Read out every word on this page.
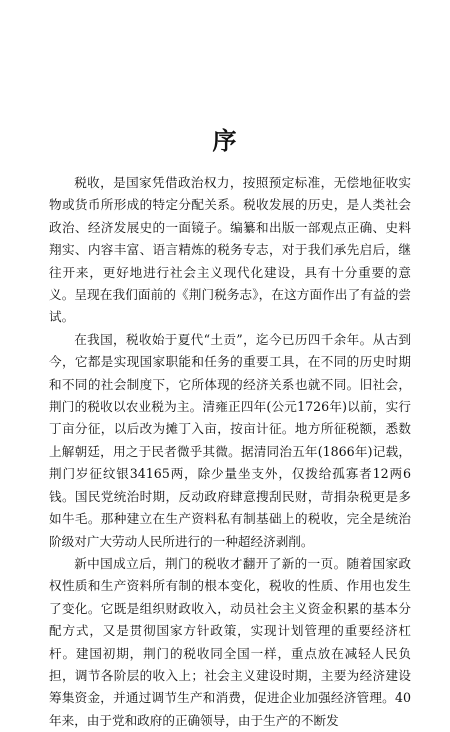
序

税收，是国家凭借政治权力，按照预定标准，无偿地征收实物或货币所形成的特定分配关系。税收发展的历史，是人类社会政治、经济发展史的一面镜子。编纂和出版一部观点正确、史料翔实、内容丰富、语言精炼的税务专志，对于我们承先启后，继往开来，更好地进行社会主义现代化建设，具有十分重要的意义。呈现在我们面前的《荆门税务志》，在这方面作出了有益的尝试。

在我国，税收始于夏代“土贡”，迄今已历四千余年。从古到今，它都是实现国家职能和任务的重要工具，在不同的历史时期和不同的社会制度下，它所体现的经济关系也就不同。旧社会，荆门的税收以农业税为主。清雍正四年(公元1726年)以前，实行丁亩分征，以后改为摊丁入亩，按亩计征。地方所征税额，悉数上解朝廷，用之于民者微乎其微。据清同治五年(1866年)记载，荆门岁征纹银34165两，除少量坐支外，仅拨给孤寡者12两6钱。国民党统治时期，反动政府肆意搜刮民财，苛捐杂税更是多如牛毛。那种建立在生产资料私有制基础上的税收，完全是统治阶级对广大劳动人民所进行的一种超经济剥削。

新中国成立后，荆门的税收才翻开了新的一页。随着国家政权性质和生产资料所有制的根本变化，税收的性质、作用也发生了变化。它既是组织财政收入，动员社会主义资金积累的基本分配方式，又是贯彻国家方针政策，实现计划管理的重要经济杠杆。建国初期，荆门的税收同全国一样，重点放在减轻人民负担，调节各阶层的收入上；社会主义建设时期，主要为经济建设筹集资金，并通过调节生产和消费，促进企业加强经济管理。40年来，由于党和政府的正确领导，由于生产的不断发
